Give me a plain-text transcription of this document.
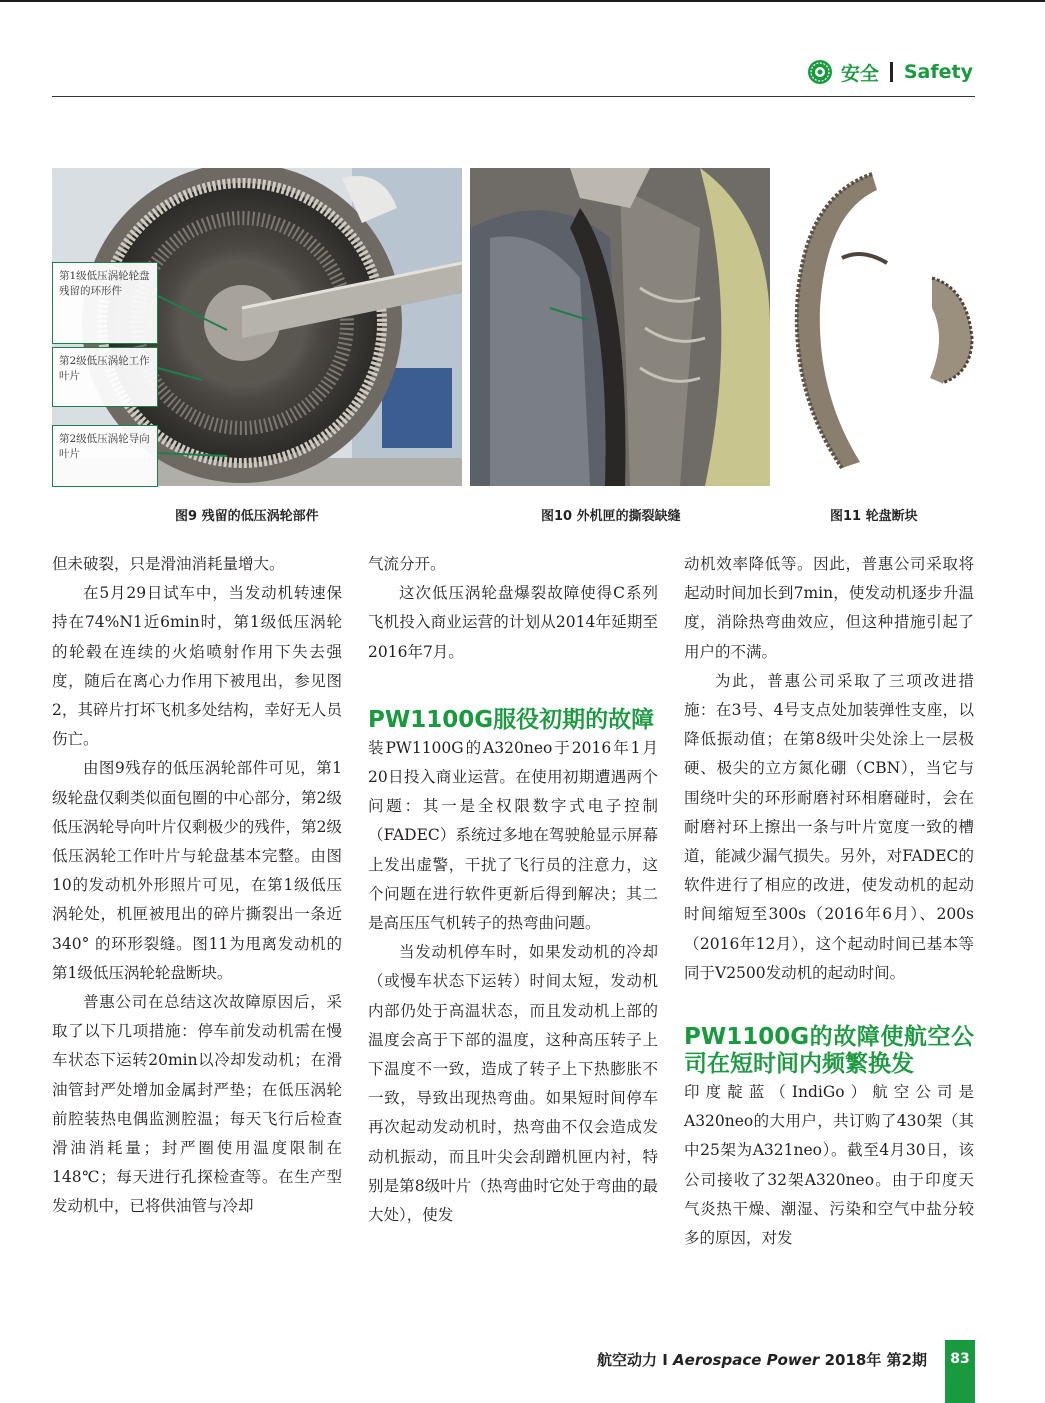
安全 Safety
第1级低压涡轮轮盘残留的环形件
第2级低压涡轮工作叶片
第2级低压涡轮导向叶片
图9 残留的低压涡轮部件	图10 外机匣的撕裂缺缝	图11 轮盘断块

但未破裂，只是滑油消耗量增大。

在5月29日试车中，当发动机转速保持在74%N1近6min时，第1级低压涡轮的轮毂在连续的火焰喷射作用下失去强度，随后在离心力作用下被甩出，参见图2，其碎片打坏飞机多处结构，幸好无人员伤亡。

由图9残存的低压涡轮部件可见，第1级轮盘仅剩类似面包圈的中心部分，第2级低压涡轮导向叶片仅剩极少的残件，第2级低压涡轮工作叶片与轮盘基本完整。由图10的发动机外形照片可见，在第1级低压涡轮处，机匣被甩出的碎片撕裂出一条近340° 的环形裂缝。图11为甩离发动机的第1级低压涡轮轮盘断块。

普惠公司在总结这次故障原因后，采取了以下几项措施：停车前发动机需在慢车状态下运转20min以冷却发动机；在滑油管封严处增加金属封严垫；在低压涡轮前腔装热电偶监测腔温；每天飞行后检查滑油消耗量；封严圈使用温度限制在148℃；每天进行孔探检查等。在生产型发动机中，已将供油管与冷却

气流分开。

这次低压涡轮盘爆裂故障使得C系列飞机投入商业运营的计划从2014年延期至2016年7月。

PW1100G服役初期的故障

装PW1100G的A320neo于2016年1月20日投入商业运营。在使用初期遭遇两个问题：其一是全权限数字式电子控制（FADEC）系统过多地在驾驶舱显示屏幕上发出虚警，干扰了飞行员的注意力，这个问题在进行软件更新后得到解决；其二是高压压气机转子的热弯曲问题。

当发动机停车时，如果发动机的冷却（或慢车状态下运转）时间太短，发动机内部仍处于高温状态，而且发动机上部的温度会高于下部的温度，这种高压转子上下温度不一致，造成了转子上下热膨胀不一致，导致出现热弯曲。如果短时间停车再次起动发动机时，热弯曲不仅会造成发动机振动，而且叶尖会刮蹭机匣内衬，特别是第8级叶片（热弯曲时它处于弯曲的最大处），使发

动机效率降低等。因此，普惠公司采取将起动时间加长到7min，使发动机逐步升温度，消除热弯曲效应，但这种措施引起了用户的不满。

为此，普惠公司采取了三项改进措施：在3号、4号支点处加装弹性支座，以降低振动值；在第8级叶尖处涂上一层极硬、极尖的立方氮化硼（CBN），当它与围绕叶尖的环形耐磨衬环相磨碰时，会在耐磨衬环上擦出一条与叶片宽度一致的槽道，能减少漏气损失。另外，对FADEC的软件进行了相应的改进，使发动机的起动时间缩短至300s（2016年6月）、200s（2016年12月），这个起动时间已基本等同于V2500发动机的起动时间。

PW1100G的故障使航空公司在短时间内频繁换发

印度靛蓝（IndiGo）航空公司是A320neo的大用户，共订购了430架（其中25架为A321neo）。截至4月30日，该公司接收了32架A320neo。由于印度天气炎热干燥、潮湿、污染和空气中盐分较多的原因，对发

航空动力 I Aerospace Power 2018年 第2期	83
